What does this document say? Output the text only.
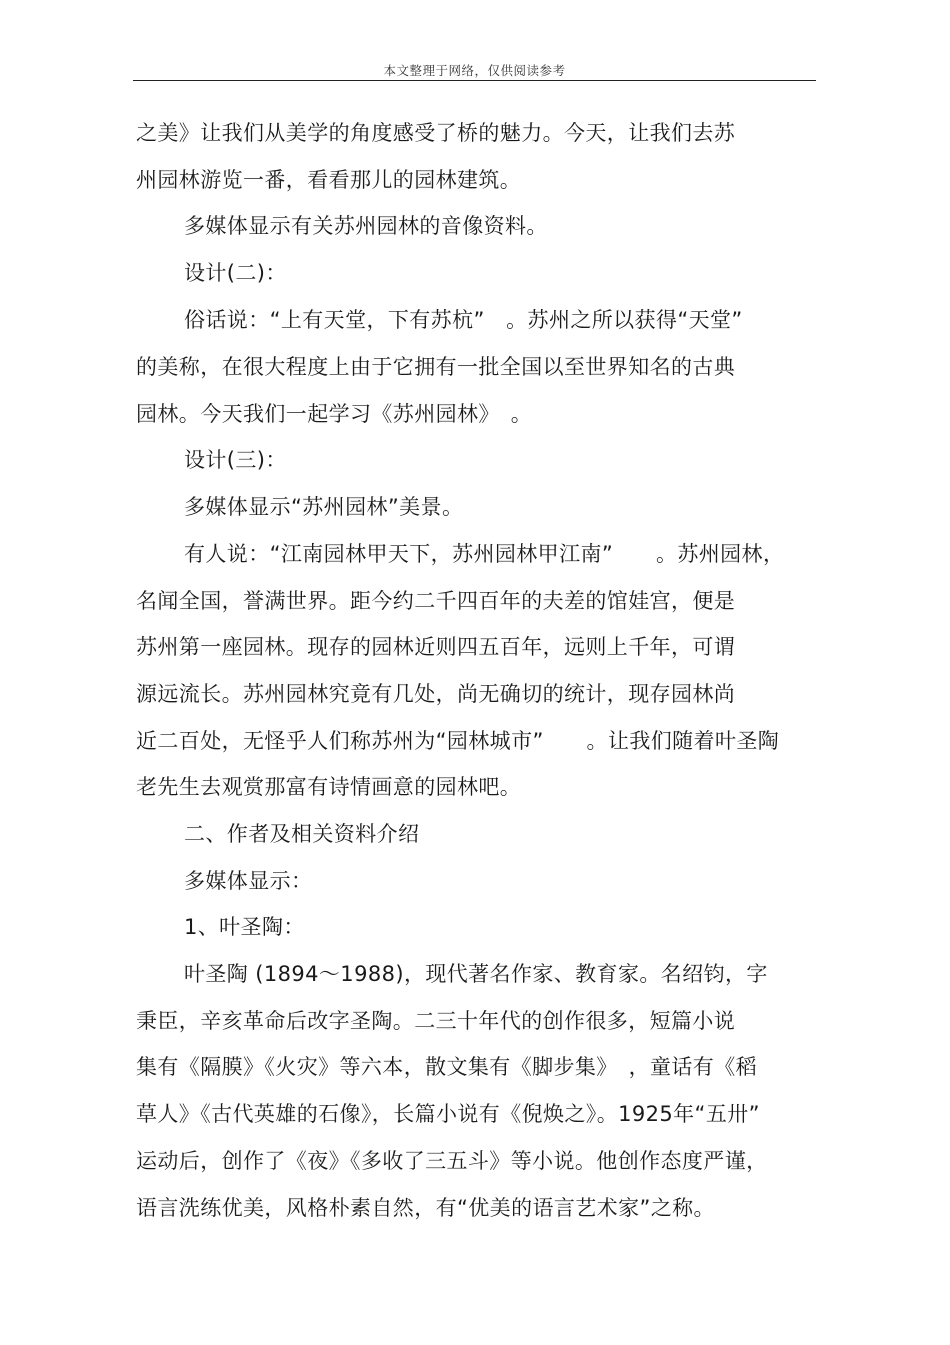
本文整理于网络，仅供阅读参考
之美》让我们从美学的角度感受了桥的魅力。今天，让我们去苏
州园林游览一番，看看那儿的园林建筑。
多媒体显示有关苏州园林的音像资料。
设计(二)：
俗话说：“上有天堂，下有苏杭”　。苏州之所以获得“天堂”
的美称，在很大程度上由于它拥有一批全国以至世界知名的古典
园林。今天我们一起学习《苏州园林》　。
设计(三)：
多媒体显示“苏州园林”美景。
有人说：“江南园林甲天下，苏州园林甲江南”　　。苏州园林，
名闻全国，誉满世界。距今约二千四百年的夫差的馆娃宫，便是
苏州第一座园林。现存的园林近则四五百年，远则上千年，可谓
源远流长。苏州园林究竟有几处，尚无确切的统计，现存园林尚
近二百处，无怪乎人们称苏州为“园林城市”　　。让我们随着叶圣陶
老先生去观赏那富有诗情画意的园林吧。
二、作者及相关资料介绍
多媒体显示：
1、叶圣陶：
叶圣陶 (1894～1988)，现代著名作家、教育家。名绍钧，字
秉臣，辛亥革命后改字圣陶。二三十年代的创作很多，短篇小说
集有《隔膜》《火灾》等六本，散文集有《脚步集》　，童话有《稻
草人》《古代英雄的石像》，长篇小说有《倪焕之》。1925年“五卅”
运动后，创作了《夜》《多收了三五斗》等小说。他创作态度严谨，
语言洗练优美，风格朴素自然，有“优美的语言艺术家”之称。
